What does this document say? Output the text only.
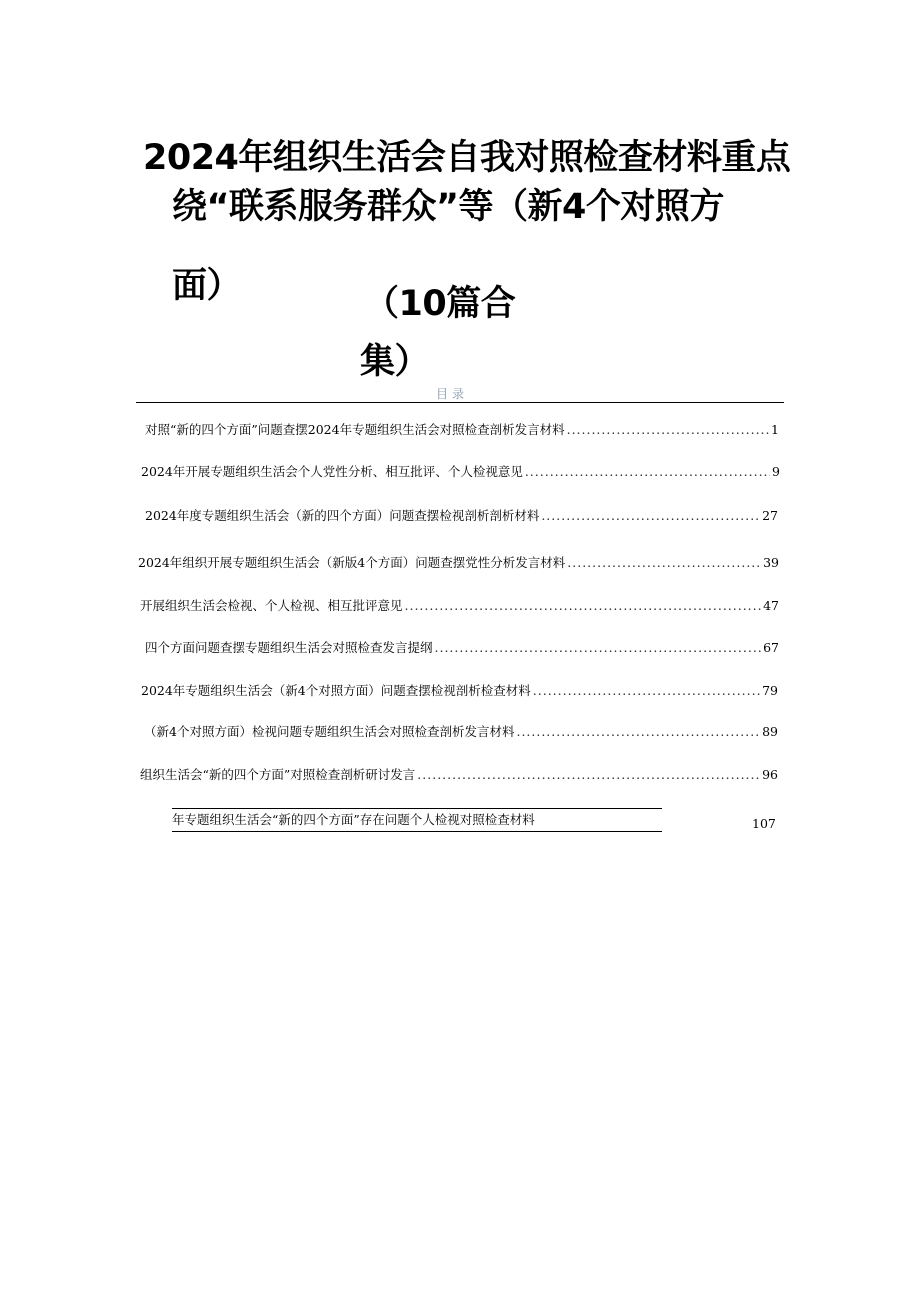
2024年组织生活会自我对照检查材料重点
绕“联系服务群众”等（新4个对照方
面）	（10篇合
集）
目录
对照“新的四个方面”问题查摆2024年专题组织生活会对照检查剖析发言材料 .....	1
2024年开展专题组织生活会个人党性分析、相互批评、个人检视意见 .....	9
2024年度专题组织生活会（新的四个方面）问题查摆检视剖析剖析材料 .....	27
2024年组织开展专题组织生活会（新版4个方面）问题查摆党性分析发言材料 .....	39
开展组织生活会检视、个人检视、相互批评意见 .....	47
四个方面问题查摆专题组织生活会对照检查发言提纲 .....	67
2024年专题组织生活会（新4个对照方面）问题查摆检视剖析检查材料 .....	79
（新4个对照方面）检视问题专题组织生活会对照检查剖析发言材料 .....	89
组织生活会“新的四个方面”对照检查剖析研讨发言 .....	96
年专题组织生活会“新的四个方面”存在问题个人检视对照检查材料	107
